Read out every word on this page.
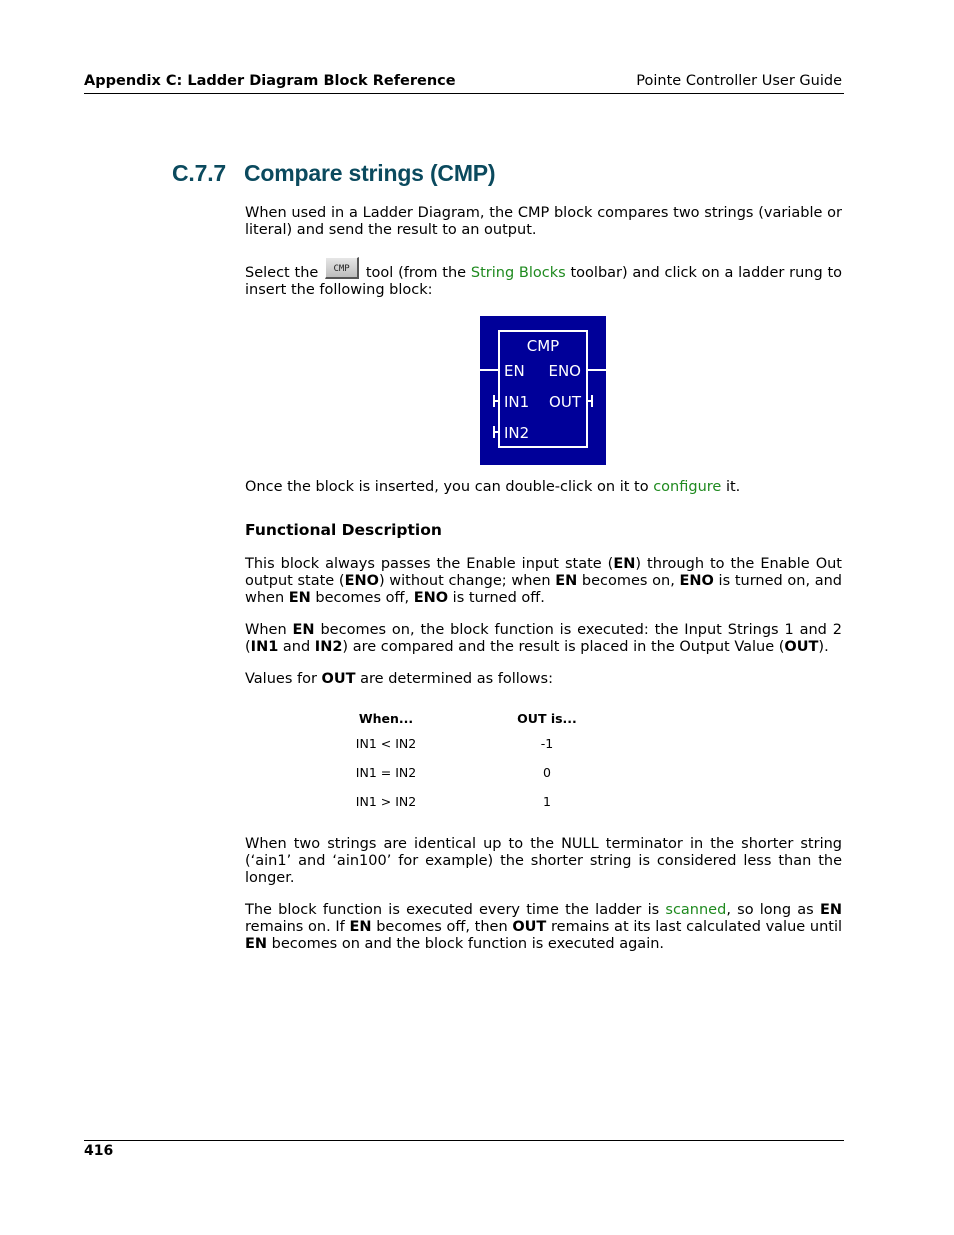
Appendix C: Ladder Diagram Block Reference	Pointe Controller User Guide
C.7.7 Compare strings (CMP)

When used in a Ladder Diagram, the CMP block compares two strings (variable or literal) and send the result to an output.

Select the	CMP	tool (from the String Blocks toolbar) and click on a ladder rung to insert the following block:

CMP
EN ENO
IN1 OUT
IN2

Once the block is inserted, you can double-click on it to configure it.

Functional Description

This block always passes the Enable input state (EN) through to the Enable Out output state (ENO) without change; when EN becomes on, ENO is turned on, and when EN becomes off, ENO is turned off.

When EN becomes on, the block function is executed: the Input Strings 1 and 2 (IN1 and IN2) are compared and the result is placed in the Output Value (OUT).

Values for OUT are determined as follows:

When...		OUT is...
IN1 < IN2		-1
IN1 = IN2		0
IN1 > IN2		1

When two strings are identical up to the NULL terminator in the shorter string (‘ain1’ and ‘ain100’ for example) the shorter string is considered less than the longer.

The block function is executed every time the ladder is scanned, so long as EN remains on. If EN becomes off, then OUT remains at its last calculated value until EN becomes on and the block function is executed again.

416
